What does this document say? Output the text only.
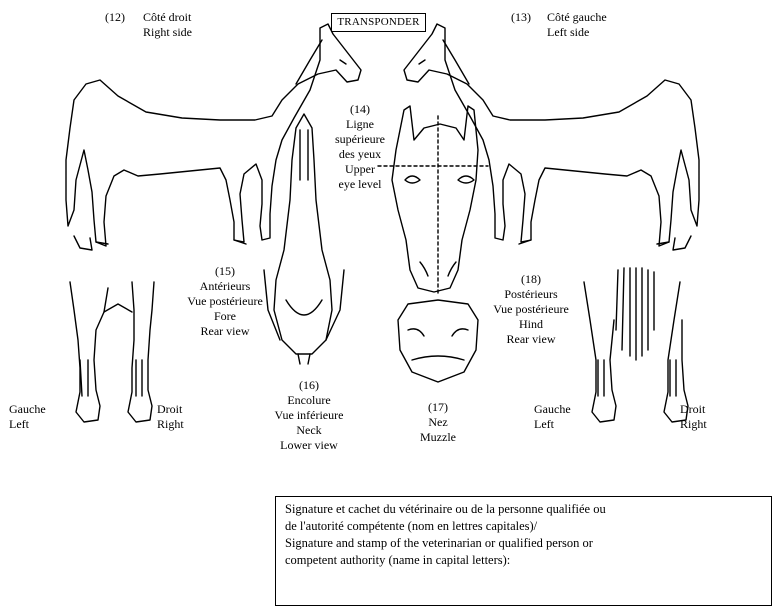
(12) Côté droit
Right side
TRANSPONDER	(13) Côté gauche
Left side
(14)
Ligne
supérieure
des yeux
Upper
eye level
(15)
Antérieurs
Vue postérieure
Fore
Rear view
Gauche
Left
Droit
Right
(16)
Encolure
Vue inférieure
Neck
Lower view
(17)
Nez
Muzzle
(18)
Postérieurs
Vue postérieure
Hind
Rear view
Gauche
Left
Droit
Right
Signature et cachet du vétérinaire ou de la personne qualifiée ou
de l'autorité compétente (nom en lettres capitales)/
Signature and stamp of the veterinarian or qualified person or
competent authority (name in capital letters):
